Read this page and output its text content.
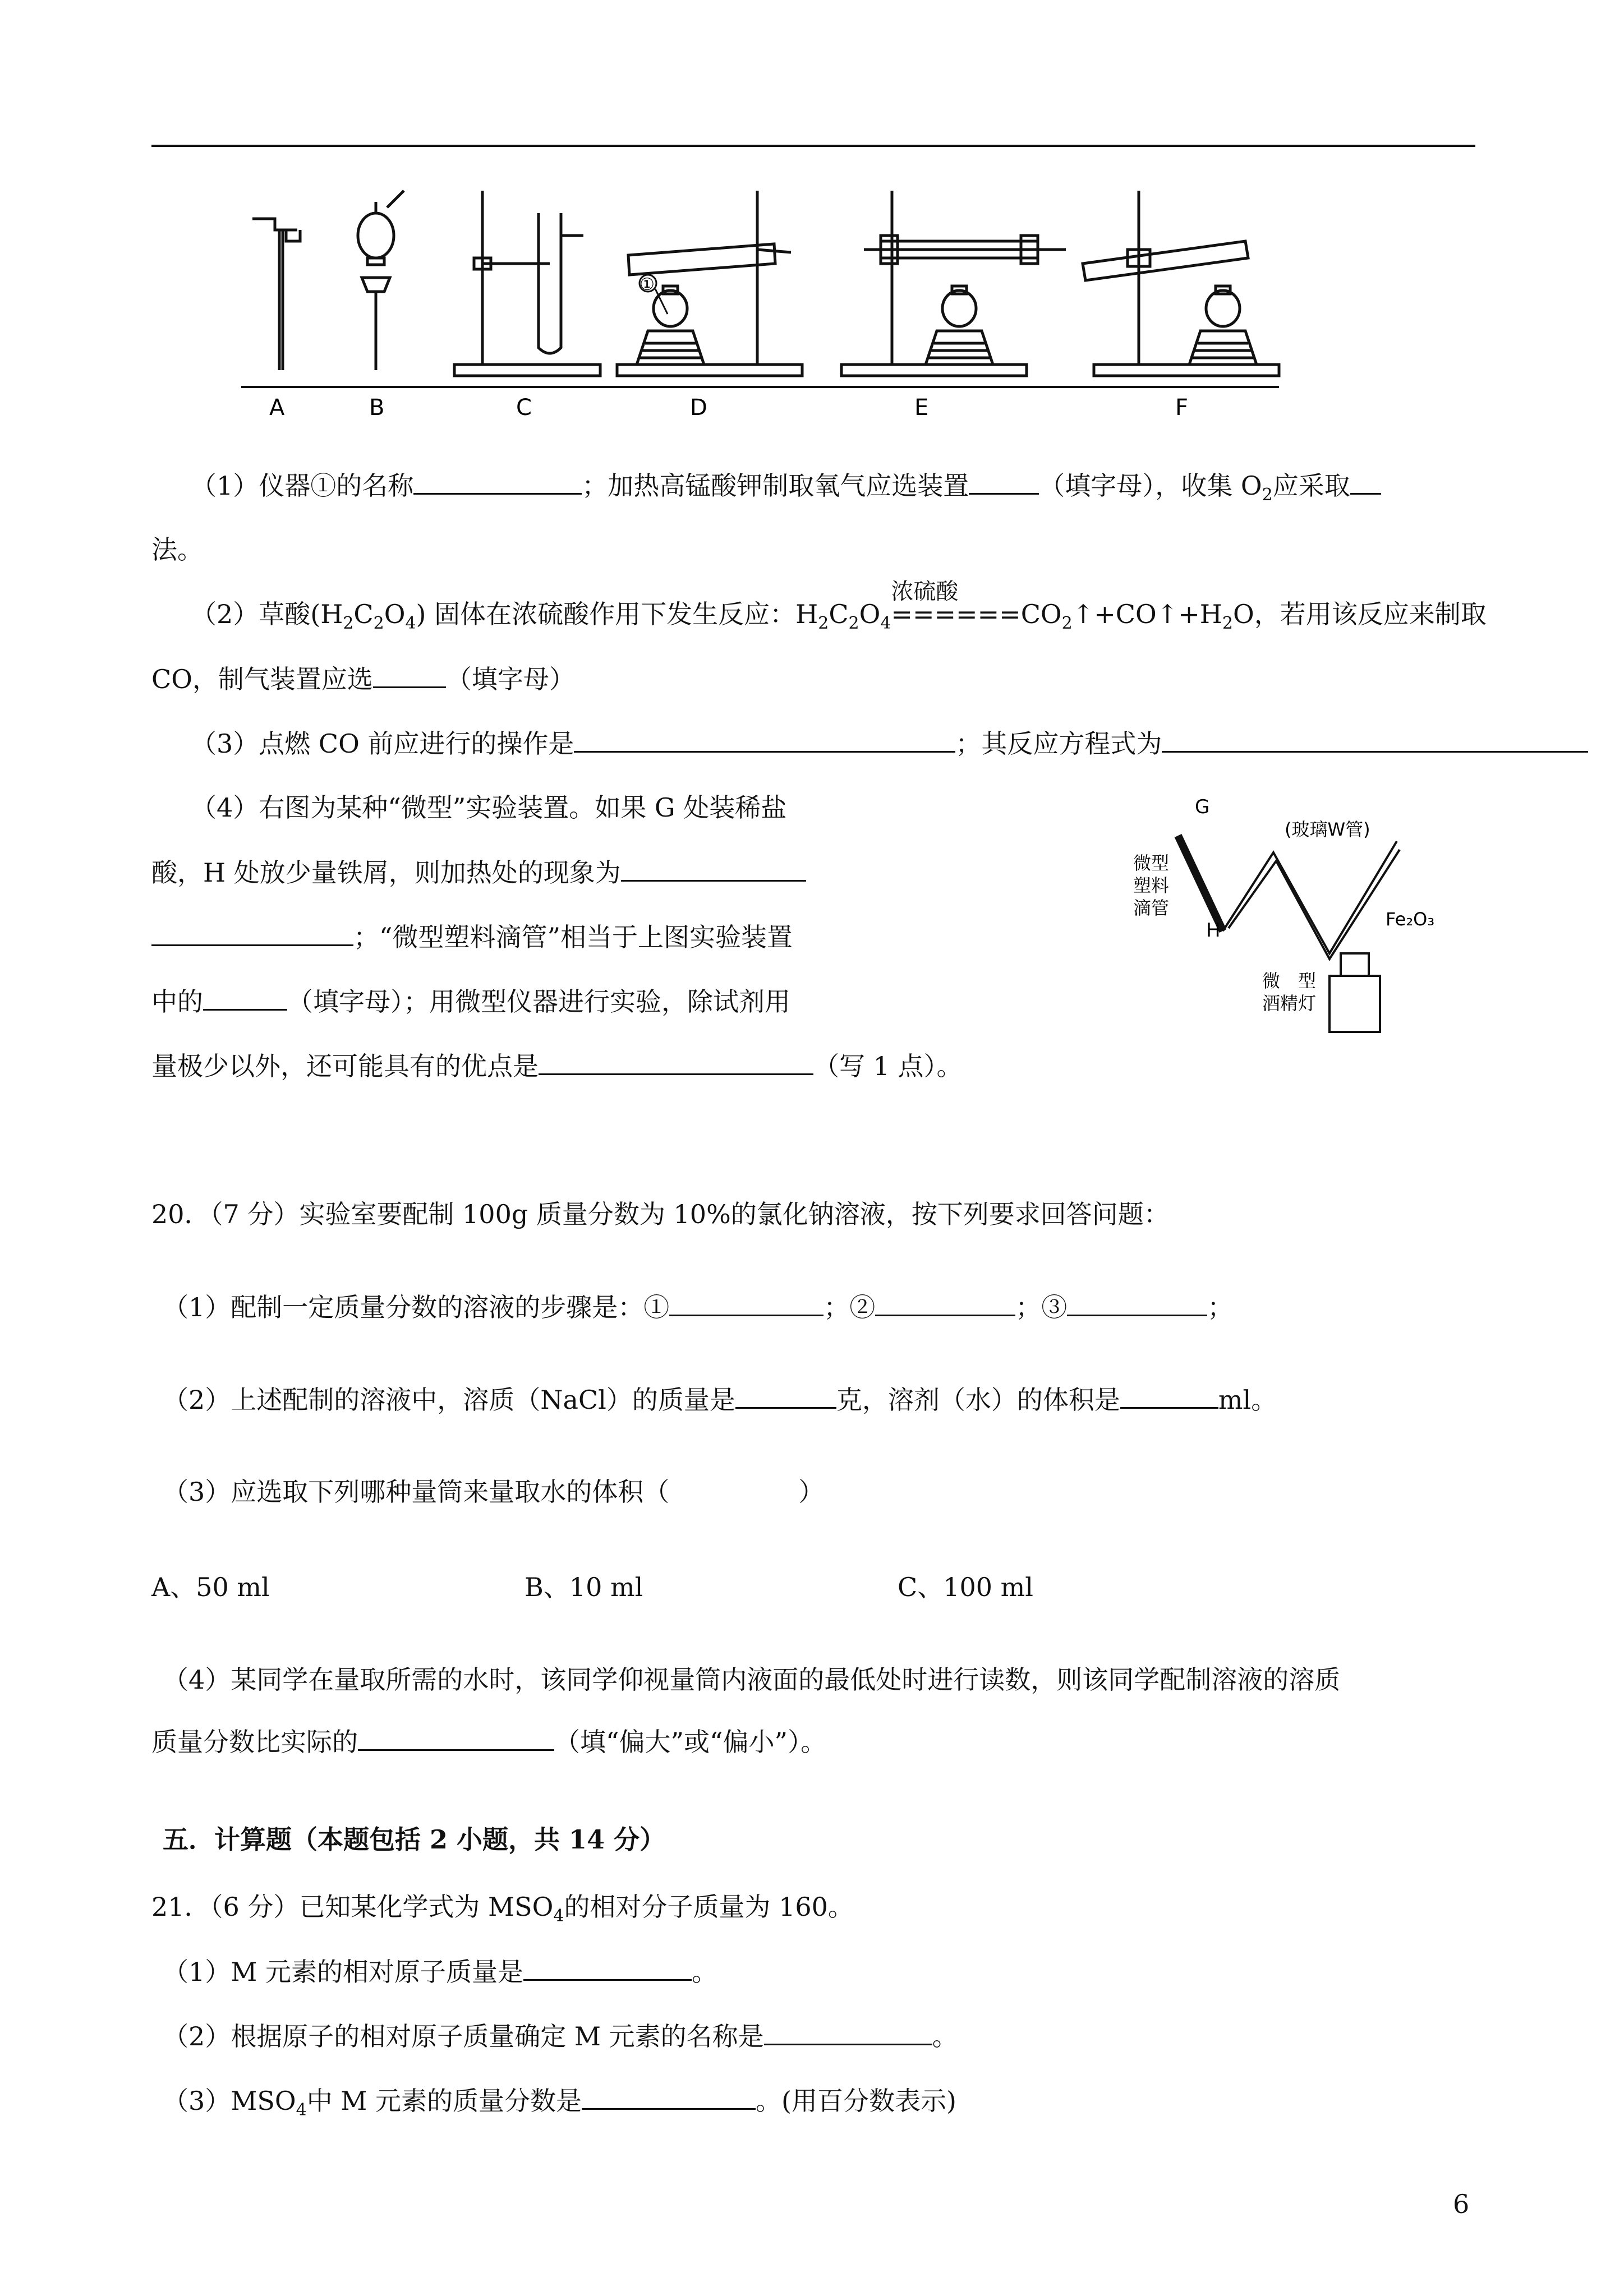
A	B	C	D	E	F
①
（1）仪器①的名称	；加热高锰酸钾制取氧气应选装置	（填字母），收集 $O_2$应采取
法。
（2）草酸$(H_2C_2O_4)$ 固体在浓硫酸作用下发生反应：$H_2C_2O_4$
浓硫酸
$======CO_2↑+CO↑+H_2O$，若用该反应来制取
CO，制气装置应选	（填字母）
（3）点燃 CO 前应进行的操作是	；其反应方程式为
（4）右图为某种“微型”实验装置。如果 G 处装稀盐
酸，H 处放少量铁屑，则加热处的现象为
；“微型塑料滴管”相当于上图实验装置
中的	（填字母）；用微型仪器进行实验，除试剂用
量极少以外，还可能具有的优点是	（写 1 点）。
G
(玻璃W管)
微型
塑料
滴管
H	Fe₂O₃
微　型
酒精灯
20．（7 分）实验室要配制 100g 质量分数为 10%的氯化钠溶液，按下列要求回答问题：
（1）配制一定质量分数的溶液的步骤是：①	；②	；③	；
（2）上述配制的溶液中，溶质（NaCl）的质量是	克，溶剂（水）的体积是	ml。
（3）应选取下列哪种量筒来量取水的体积（　　　　　）
A、50 ml	B、10 ml	C、100 ml
（4）某同学在量取所需的水时，该同学仰视量筒内液面的最低处时进行读数，则该同学配制溶液的溶质
质量分数比实际的	（填“偏大”或“偏小”）。
五．计算题（本题包括 2 小题，共 14 分）
21．（6 分）已知某化学式为 $MSO_4$的相对分子质量为 160。
（1）M 元素的相对原子质量是	。
（2）根据原子的相对原子质量确定 M 元素的名称是	。
$(3)MSO_4$中 M 元素的质量分数是	。(用百分数表示)
6
